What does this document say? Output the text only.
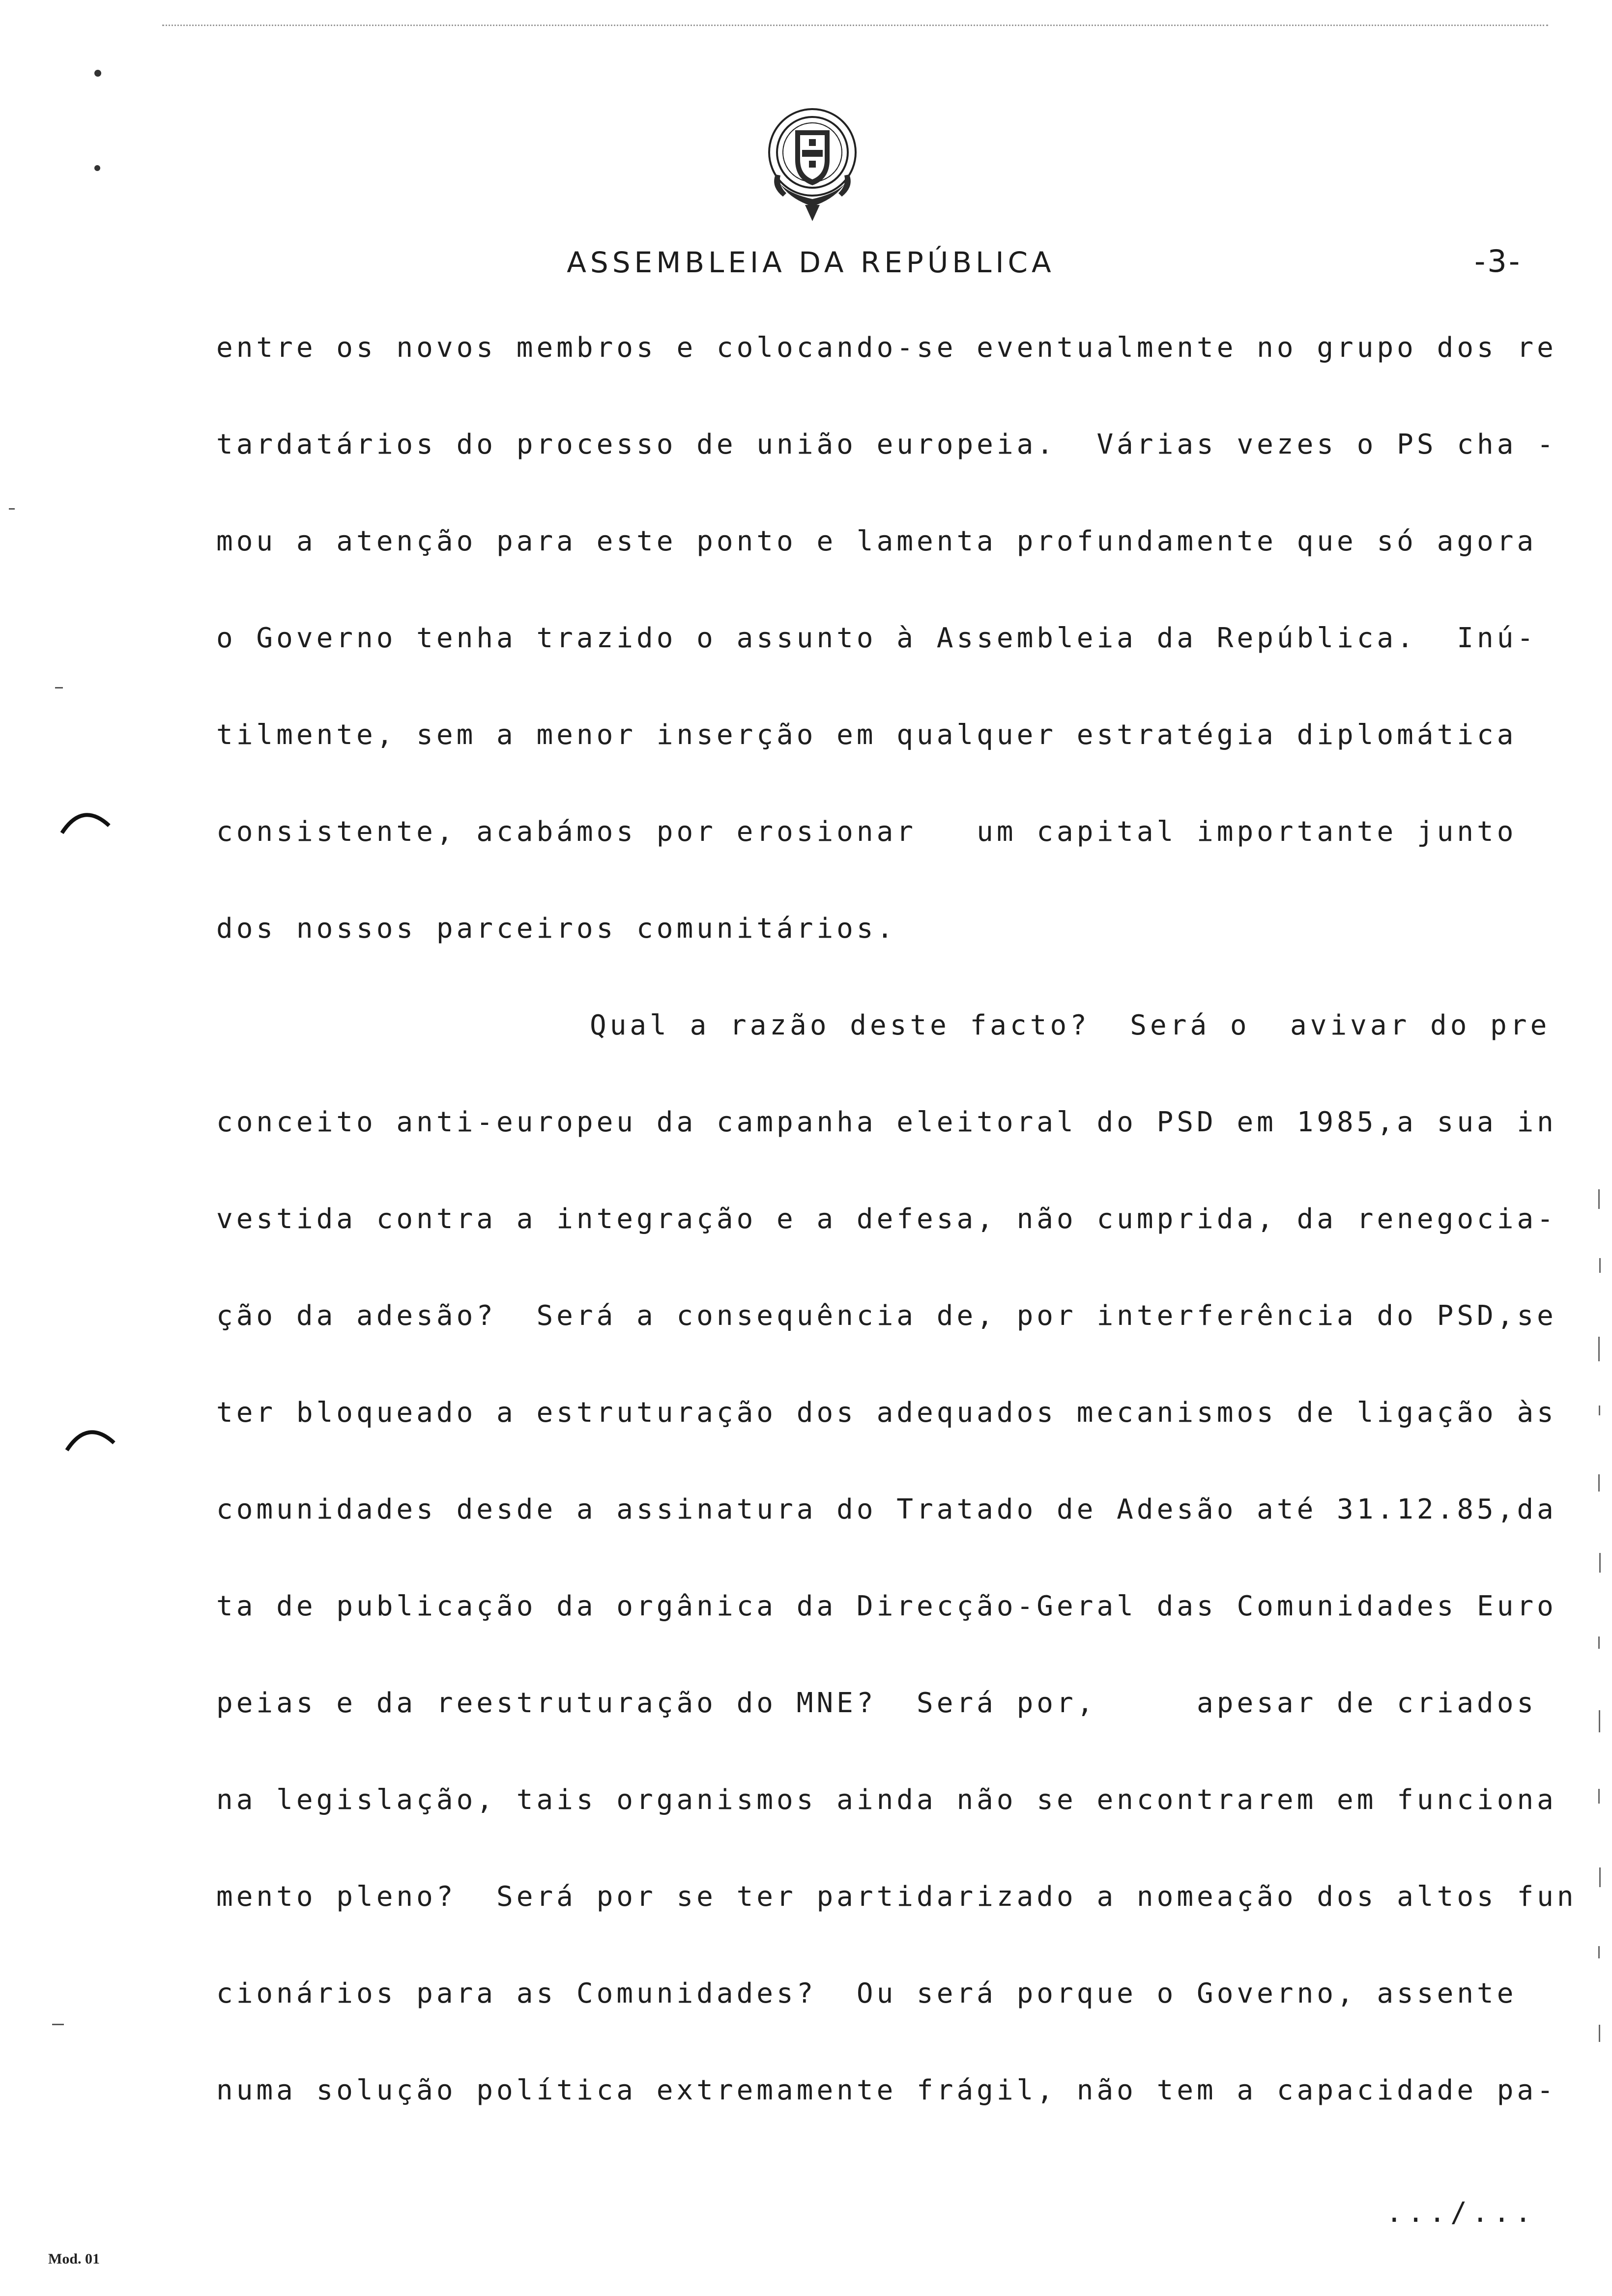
ASSEMBLEIA DA REPÚBLICA	-3-
entre os novos membros e colocando-se eventualmente no grupo dos re
tardatários do processo de união europeia.  Várias vezes o PS cha -
mou a atenção para este ponto e lamenta profundamente que só agora
o Governo tenha trazido o assunto à Assembleia da República.  Inú-
tilmente, sem a menor inserção em qualquer estratégia diplomática
consistente, acabámos por erosionar   um capital importante junto
dos nossos parceiros comunitários.
Qual a razão deste facto?  Será o  avivar do pre
conceito anti-europeu da campanha eleitoral do PSD em 1985,a sua in
vestida contra a integração e a defesa, não cumprida, da renegocia-
ção da adesão?  Será a consequência de, por interferência do PSD,se
ter bloqueado a estruturação dos adequados mecanismos de ligação às
comunidades desde a assinatura do Tratado de Adesão até 31.12.85,da
ta de publicação da orgânica da Direcção-Geral das Comunidades Euro
peias e da reestruturação do MNE?  Será por,     apesar de criados
na legislação, tais organismos ainda não se encontrarem em funciona
mento pleno?  Será por se ter partidarizado a nomeação dos altos fun
cionários para as Comunidades?  Ou será porque o Governo, assente
numa solução política extremamente frágil, não tem a capacidade pa-
.../...
Mod. 01
